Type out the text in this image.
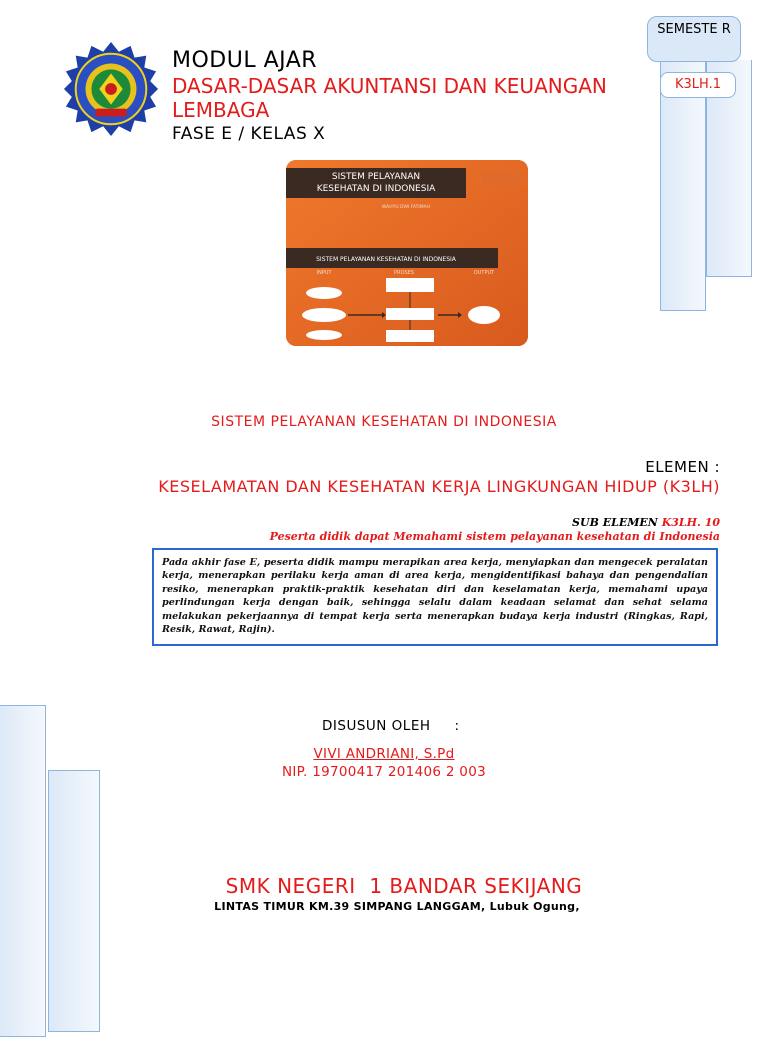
SEMESTE R
K3LH.1
MODUL AJAR
DASAR-DASAR AKUNTANSI DAN KEUANGAN LEMBAGA
FASE E / KELAS X
SISTEM PELAYANAN
KESEHATAN DI INDONESIA
WAHYU DWI FATIMAH
SISTEM PELAYANAN KESEHATAN DI INDONESIA
INPUT	PROSES	OUTPUT
SISTEM PELAYANAN KESEHATAN DI INDONESIA
ELEMEN :
KESELAMATAN DAN KESEHATAN KERJA LINGKUNGAN HIDUP (K3LH)
SUB ELEMEN K3LH. 10
Peserta didik dapat Memahami sistem pelayanan kesehatan di Indonesia
Pada akhir fase E, peserta didik mampu merapikan area kerja, menyiapkan dan mengecek peralatan kerja, menerapkan perilaku kerja aman di area kerja, mengidentifikasi bahaya dan pengendalian resiko, menerapkan praktik-praktik kesehatan diri dan keselamatan kerja, memahami upaya perlindungan kerja dengan baik, sehingga selalu dalam keadaan selamat dan sehat selama melakukan pekerjaannya di tempat kerja serta menerapkan budaya kerja industri (Ringkas, Rapi, Resik, Rawat, Rajin).
DISUSUN OLEH :
VIVI ANDRIANI, S.Pd
NIP. 19700417 201406 2 003
SMK NEGERI  1 BANDAR SEKIJANG
LINTAS TIMUR KM.39 SIMPANG LANGGAM, Lubuk Ogung,
